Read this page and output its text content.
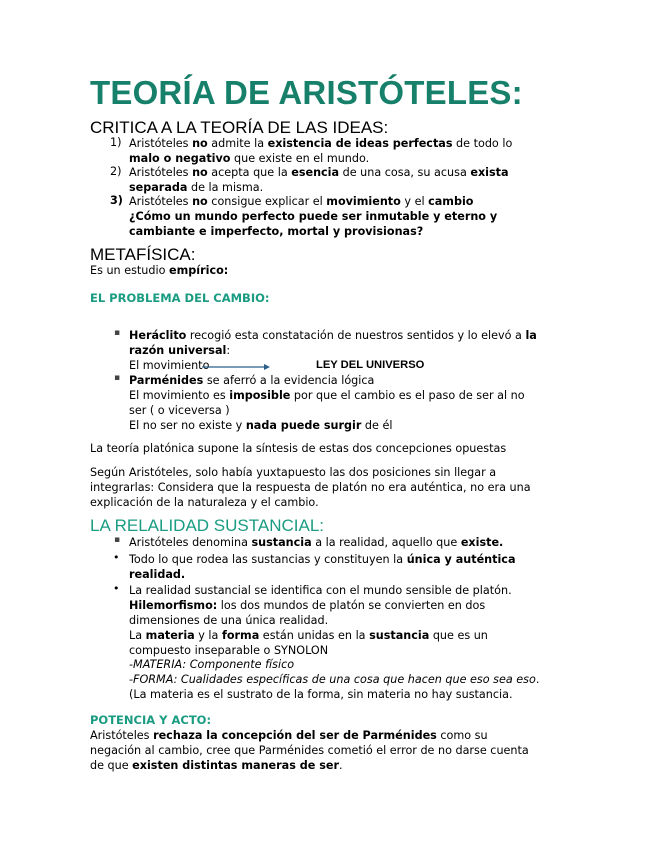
TEORÍA DE ARISTÓTELES:
CRITICA A LA TEORÍA DE LAS IDEAS:
1) Aristóteles no admite la existencia de ideas perfectas de todo lo
malo o negativo que existe en el mundo.
2) Aristóteles no acepta que la esencia de una cosa, su acusa exista
separada de la misma.
3) Aristóteles no consigue explicar el movimiento y el cambio
¿Cómo un mundo perfecto puede ser inmutable y eterno y
cambiante e imperfecto, mortal y provisionas?
METAFÍSICA:
Es un estudio empírico:
EL PROBLEMA DEL CAMBIO:
▪ Heráclito recogió esta constatación de nuestros sentidos y lo elevó a la
razón universal:
El movimiento	LEY DEL UNIVERSO
▪ Parménides se aferró a la evidencia lógica
El movimiento es imposible por que el cambio es el paso de ser al no
ser ( o viceversa )
El no ser no existe y nada puede surgir de él
La teoría platónica supone la síntesis de estas dos concepciones opuestas
Según Aristóteles, solo había yuxtapuesto las dos posiciones sin llegar a
integrarlas: Considera que la respuesta de platón no era auténtica, no era una
explicación de la naturaleza y el cambio.
LA RELALIDAD SUSTANCIAL:
▪ Aristóteles denomina sustancia a la realidad, aquello que existe.
• Todo lo que rodea las sustancias y constituyen la única y auténtica
realidad.
• La realidad sustancial se identifica con el mundo sensible de platón.
Hilemorfismo: los dos mundos de platón se convierten en dos
dimensiones de una única realidad.
La materia y la forma están unidas en la sustancia que es un
compuesto inseparable o SYNOLON
-MATERIA: Componente físico
-FORMA: Cualidades específicas de una cosa que hacen que eso sea eso.
(La materia es el sustrato de la forma, sin materia no hay sustancia.
POTENCIA Y ACTO:
Aristóteles rechaza la concepción del ser de Parménides como su
negación al cambio, cree que Parménides cometió el error de no darse cuenta
de que existen distintas maneras de ser.
